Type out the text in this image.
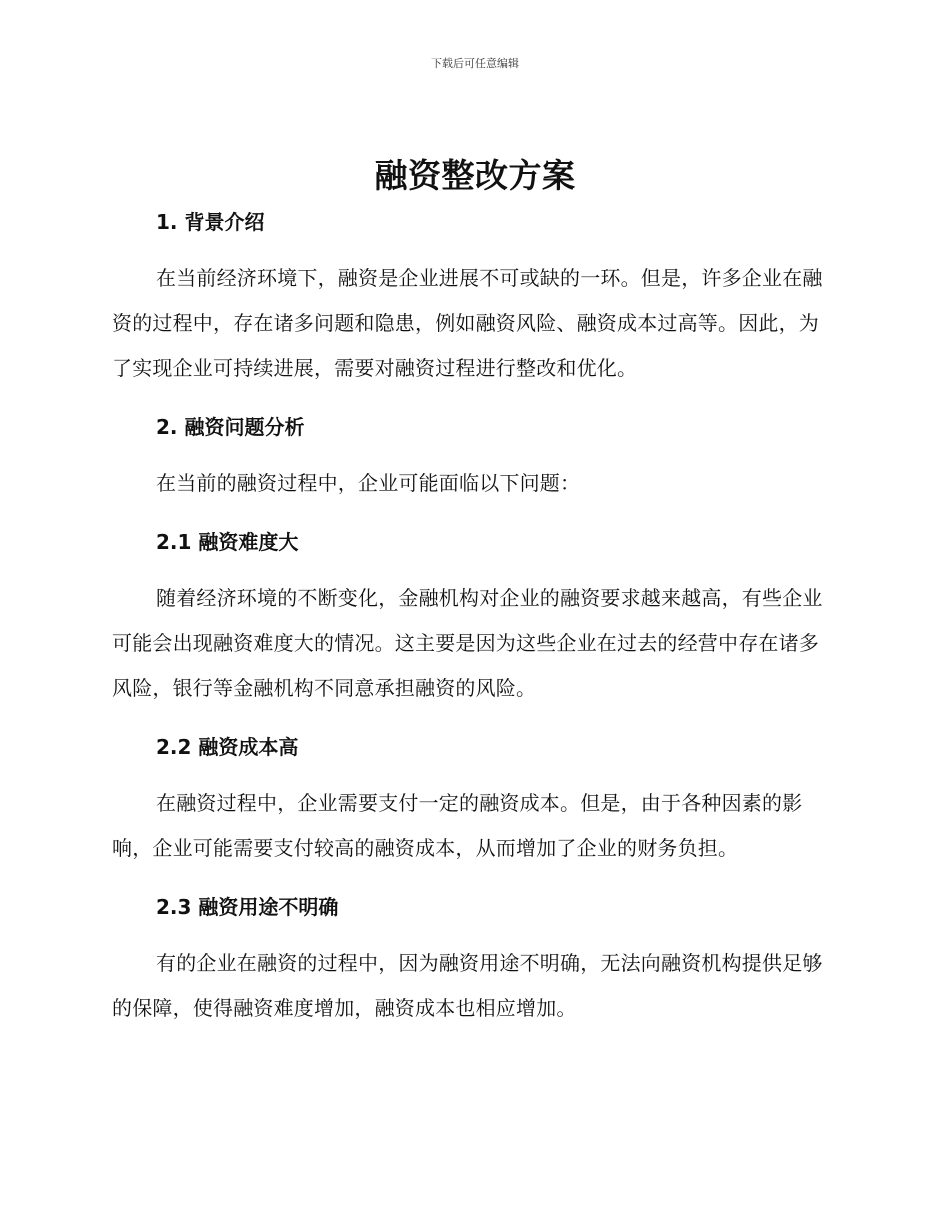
下载后可任意编辑
融资整改方案
1. 背景介绍

在当前经济环境下，融资是企业进展不可或缺的一环。但是，许多企业在融资的过程中，存在诸多问题和隐患，例如融资风险、融资成本过高等。因此，为了实现企业可持续进展，需要对融资过程进行整改和优化。

2. 融资问题分析

在当前的融资过程中，企业可能面临以下问题：

2.1 融资难度大

随着经济环境的不断变化，金融机构对企业的融资要求越来越高，有些企业可能会出现融资难度大的情况。这主要是因为这些企业在过去的经营中存在诸多风险，银行等金融机构不同意承担融资的风险。

2.2 融资成本高

在融资过程中，企业需要支付一定的融资成本。但是，由于各种因素的影响，企业可能需要支付较高的融资成本，从而增加了企业的财务负担。

2.3 融资用途不明确

有的企业在融资的过程中，因为融资用途不明确，无法向融资机构提供足够的保障，使得融资难度增加，融资成本也相应增加。
